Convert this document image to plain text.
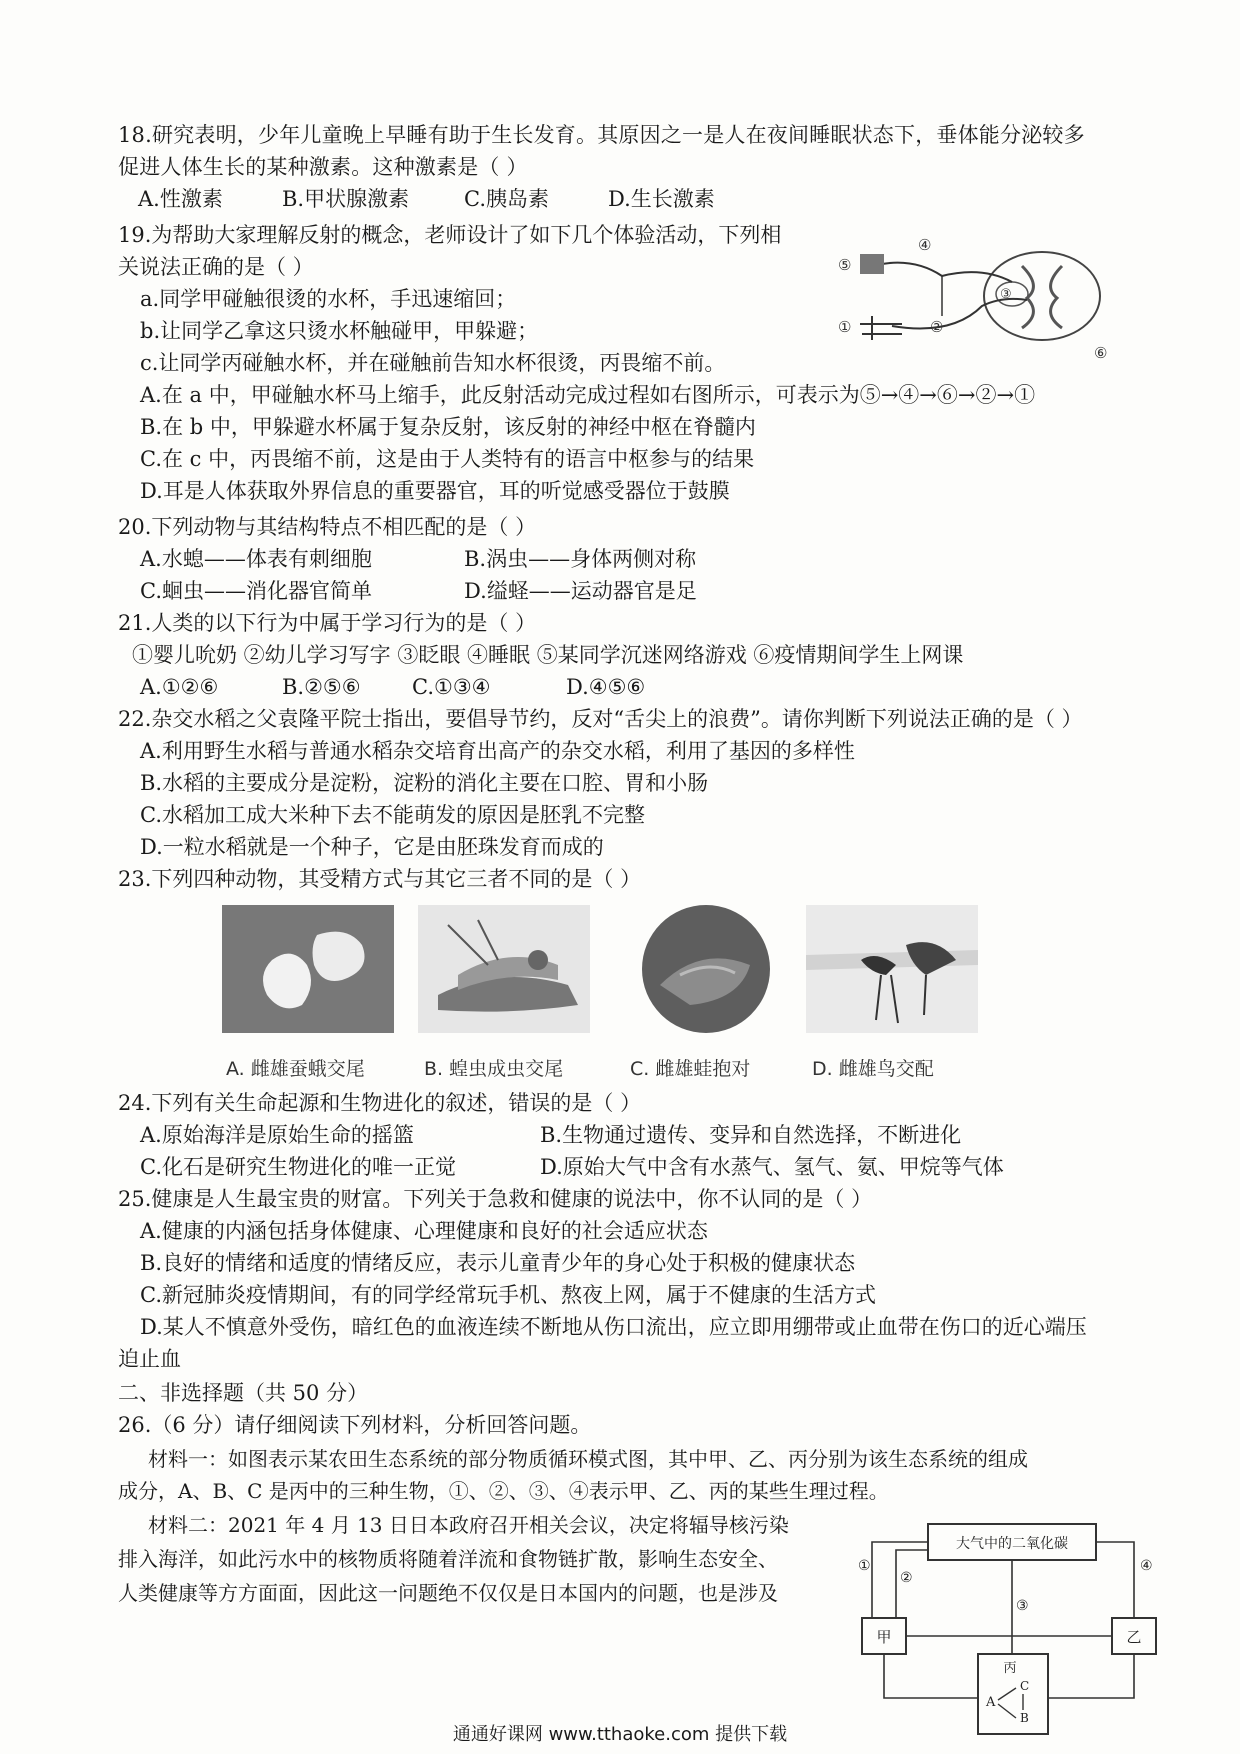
18.研究表明，少年儿童晚上早睡有助于生长发育。其原因之一是人在夜间睡眠状态下，垂体能分泌较多
促进人体生长的某种激素。这种激素是（ ）
A.性激素	B.甲状腺激素	C.胰岛素	D.生长激素
19.为帮助大家理解反射的概念，老师设计了如下几个体验活动，下列相
关说法正确的是（ ）
a.同学甲碰触很烫的水杯，手迅速缩回；
b.让同学乙拿这只烫水杯触碰甲，甲躲避；
c.让同学丙碰触水杯，并在碰触前告知水杯很烫，丙畏缩不前。
A.在 a 中，甲碰触水杯马上缩手，此反射活动完成过程如右图所示，可表示为⑤→④→⑥→②→①
B.在 b 中，甲躲避水杯属于复杂反射，该反射的神经中枢在脊髓内
C.在 c 中，丙畏缩不前，这是由于人类特有的语言中枢参与的结果
D.耳是人体获取外界信息的重要器官，耳的听觉感受器位于鼓膜
⑤
④
③
②
①
⑥
20.下列动物与其结构特点不相匹配的是（ ）
A.水螅——体表有刺细胞	B.涡虫——身体两侧对称
C.蛔虫——消化器官简单	D.缢蛏——运动器官是足
21.人类的以下行为中属于学习行为的是（ ）
①婴儿吮奶 ②幼儿学习写字 ③眨眼 ④睡眠 ⑤某同学沉迷网络游戏 ⑥疫情期间学生上网课
A.①②⑥	B.②⑤⑥ C.①③④	D.④⑤⑥
22.杂交水稻之父袁隆平院士指出，要倡导节约，反对“舌尖上的浪费”。请你判断下列说法正确的是（ ）
A.利用野生水稻与普通水稻杂交培育出高产的杂交水稻，利用了基因的多样性
B.水稻的主要成分是淀粉，淀粉的消化主要在口腔、胃和小肠
C.水稻加工成大米种下去不能萌发的原因是胚乳不完整
D.一粒水稻就是一个种子，它是由胚珠发育而成的
23.下列四种动物，其受精方式与其它三者不同的是（ ）
A. 雌雄蚕蛾交尾	B. 蝗虫成虫交尾	C. 雌雄蛙抱对	D. 雌雄鸟交配
24.下列有关生命起源和生物进化的叙述，错误的是（ ）
A.原始海洋是原始生命的摇篮	B.生物通过遗传、变异和自然选择，不断进化
C.化石是研究生物进化的唯一正觉	D.原始大气中含有水蒸气、氢气、氨、甲烷等气体
25.健康是人生最宝贵的财富。下列关于急救和健康的说法中，你不认同的是（ ）
A.健康的内涵包括身体健康、心理健康和良好的社会适应状态
B.良好的情绪和适度的情绪反应，表示儿童青少年的身心处于积极的健康状态
C.新冠肺炎疫情期间，有的同学经常玩手机、熬夜上网，属于不健康的生活方式
D.某人不慎意外受伤，暗红色的血液连续不断地从伤口流出，应立即用绷带或止血带在伤口的近心端压
迫止血
二、非选择题（共 50 分）
26.（6 分）请仔细阅读下列材料，分析回答问题。
材料一：如图表示某农田生态系统的部分物质循环模式图，其中甲、乙、丙分别为该生态系统的组成
成分，A、B、C 是丙中的三种生物，①、②、③、④表示甲、乙、丙的某些生理过程。
材料二：2021 年 4 月 13 日日本政府召开相关会议，决定将辐导核污染
排入海洋，如此污水中的核物质将随着洋流和食物链扩散，影响生态安全、
人类健康等方方面面，因此这一问题绝不仅仅是日本国内的问题，也是涉及
大气中的二氧化碳
甲	乙
丙
A
C
B
①
②
③
④
通通好课网 www.tthaoke.com 提供下载
